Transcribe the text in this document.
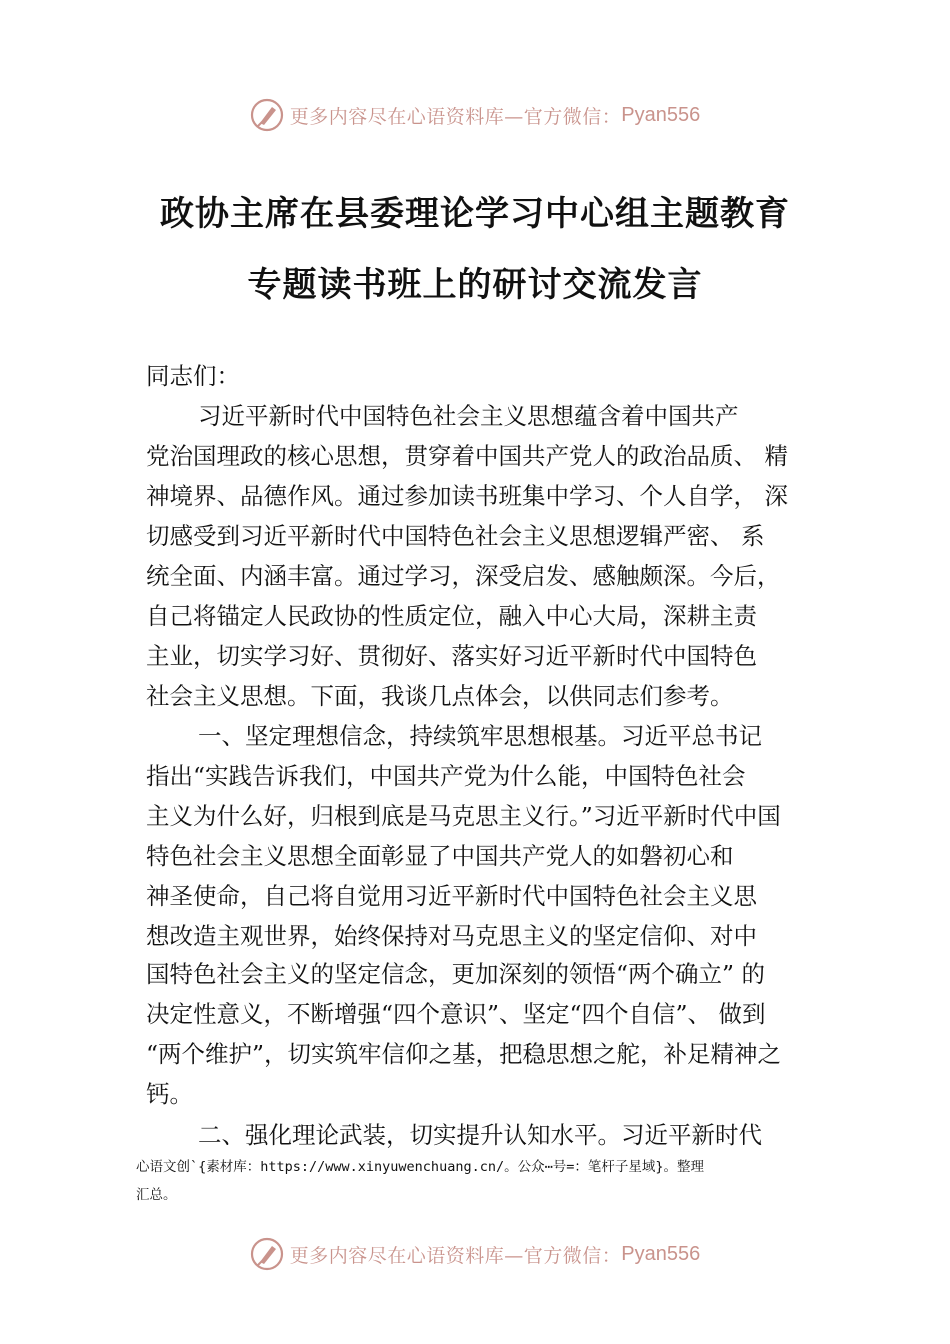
更多内容尽在心语资料库—官方微信： Pyan556
政协主席在县委理论学习中心组主题教育
专题读书班上的研讨交流发言
同志们：
习近平新时代中国特色社会主义思想蕴含着中国共产
党治国理政的核心思想，贯穿着中国共产党人的政治品质、 精
神境界、品德作风。通过参加读书班集中学习、个人自学， 深
切感受到习近平新时代中国特色社会主义思想逻辑严密、 系
统全面、内涵丰富。通过学习，深受启发、感触颇深。今后，
自己将锚定人民政协的性质定位，融入中心大局，深耕主责
主业，切实学习好、贯彻好、落实好习近平新时代中国特色
社会主义思想。下面，我谈几点体会，以供同志们参考。
一、坚定理想信念，持续筑牢思想根基。习近平总书记
指出“实践告诉我们，中国共产党为什么能，中国特色社会
主义为什么好，归根到底是马克思主义行。”习近平新时代中国
特色社会主义思想全面彰显了中国共产党人的如磐初心和
神圣使命，自己将自觉用习近平新时代中国特色社会主义思
想改造主观世界，始终保持对马克思主义的坚定信仰、对中
国特色社会主义的坚定信念，更加深刻的领悟“两个确立” 的
决定性意义，不断增强“四个意识”、坚定“四个自信”、 做到
“两个维护”，切实筑牢信仰之基，把稳思想之舵，补足精神之
钙。
二、强化理论武装，切实提升认知水平。习近平新时代
心语文创`{素材库：https://www.xinyuwenchuang.cn/。公众⋯号=：笔杆子星域}。整理
汇总。
更多内容尽在心语资料库—官方微信： Pyan556
